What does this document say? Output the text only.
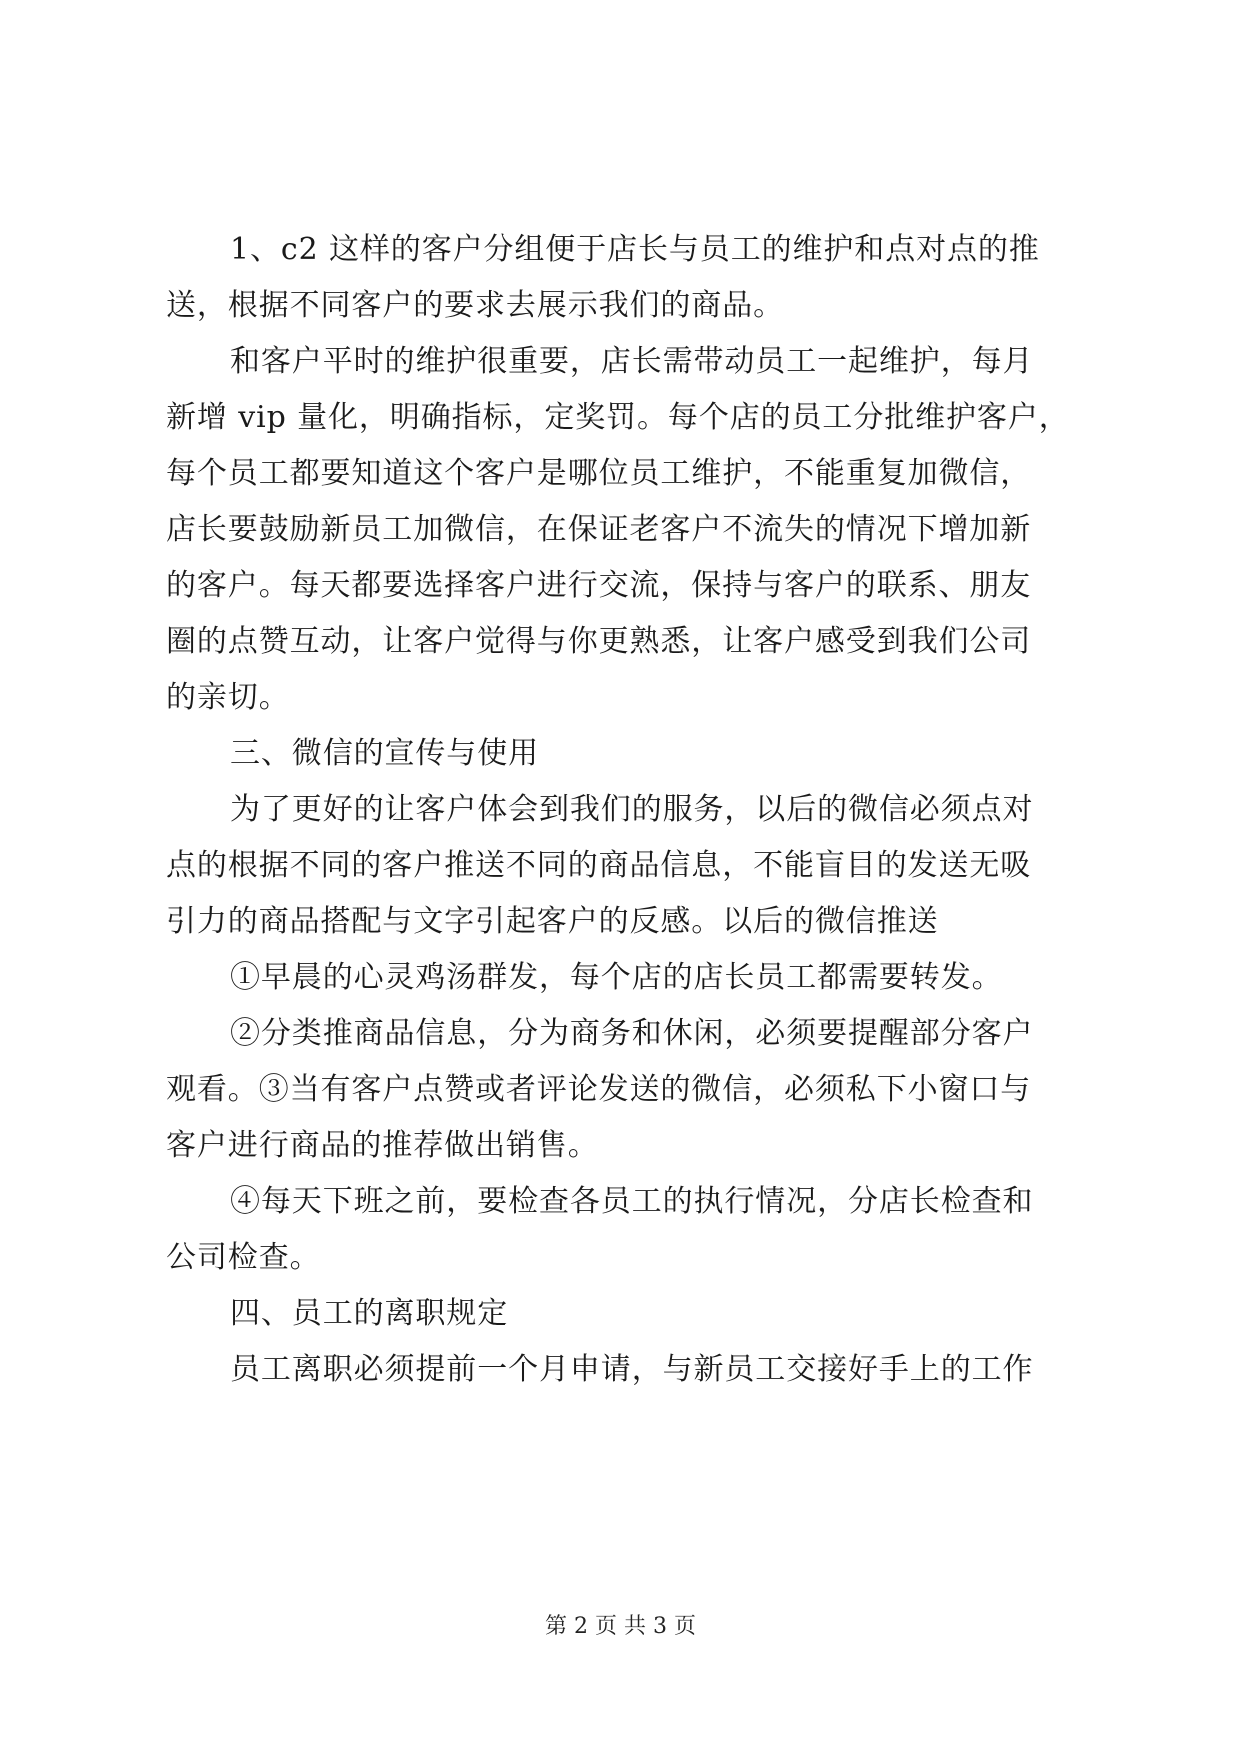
1、c2 这样的客户分组便于店长与员工的维护和点对点的推
送，根据不同客户的要求去展示我们的商品。
和客户平时的维护很重要，店长需带动员工一起维护，每月
新增 vip 量化，明确指标，定奖罚。每个店的员工分批维护客户，
每个员工都要知道这个客户是哪位员工维护，不能重复加微信，
店长要鼓励新员工加微信，在保证老客户不流失的情况下增加新
的客户。每天都要选择客户进行交流，保持与客户的联系、朋友
圈的点赞互动，让客户觉得与你更熟悉，让客户感受到我们公司
的亲切。
三、微信的宣传与使用
为了更好的让客户体会到我们的服务，以后的微信必须点对
点的根据不同的客户推送不同的商品信息，不能盲目的发送无吸
引力的商品搭配与文字引起客户的反感。以后的微信推送
①早晨的心灵鸡汤群发，每个店的店长员工都需要转发。
②分类推商品信息，分为商务和休闲，必须要提醒部分客户
观看。③当有客户点赞或者评论发送的微信，必须私下小窗口与
客户进行商品的推荐做出销售。
④每天下班之前，要检查各员工的执行情况，分店长检查和
公司检查。
四、员工的离职规定
员工离职必须提前一个月申请，与新员工交接好手上的工作
第 2 页 共 3 页
